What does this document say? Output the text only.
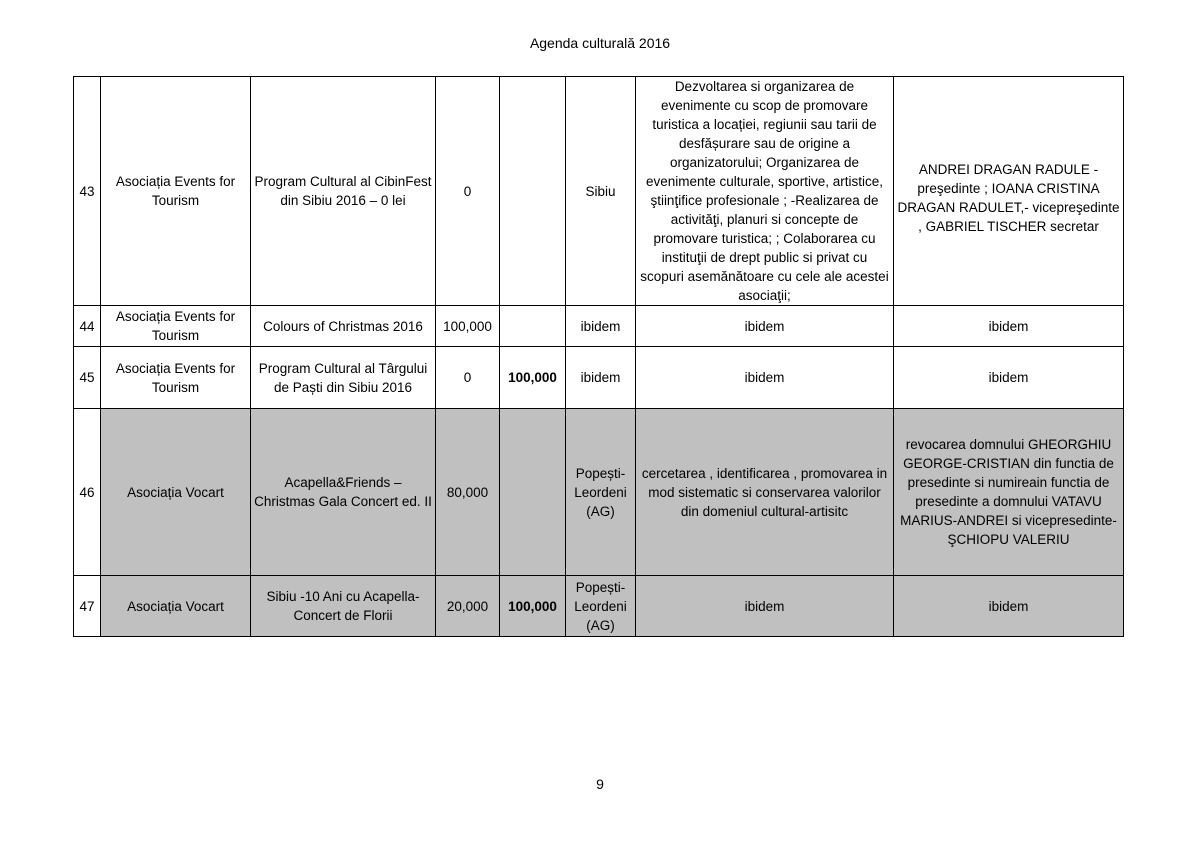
Agenda culturală 2016
43	Asociația Events for Tourism	Program Cultural al CibinFest din Sibiu 2016 – 0 lei	0		Sibiu	Dezvoltarea si organizarea de evenimente cu scop de promovare turistica a locației, regiunii sau tarii de desfășurare sau de origine a organizatorului; Organizarea de evenimente culturale, sportive, artistice, ştiinţifice profesionale ; -Realizarea de activităţi, planuri si concepte de promovare turistica; ; Colaborarea cu instituţii de drept public si privat cu scopuri asemănătoare cu cele ale acestei asociaţii;	ANDREI DRAGAN RADULE - preşedinte ; IOANA CRISTINA DRAGAN RADULET,- vicepreşedinte , GABRIEL TISCHER secretar
44	Asociația Events for Tourism	Colours of Christmas 2016	100,000		ibidem	ibidem	ibidem
45	Asociația Events for Tourism	Program Cultural al Târgului de Paști din Sibiu 2016	0	100,000	ibidem	ibidem	ibidem
46	Asociația Vocart	Acapella&Friends – Christmas Gala Concert ed. II	80,000		Popești-Leordeni (AG)	cercetarea , identificarea , promovarea in mod sistematic si conservarea valorilor din domeniul cultural-artisitc	revocarea domnului GHEORGHIU GEORGE-CRISTIAN din functia de presedinte si numireain functia de presedinte a domnului VATAVU MARIUS-ANDREI si vicepresedinte- ŞCHIOPU VALERIU
47	Asociația Vocart	Sibiu -10 Ani cu Acapella- Concert de Florii	20,000	100,000	Popești-Leordeni (AG)	ibidem	ibidem
9
